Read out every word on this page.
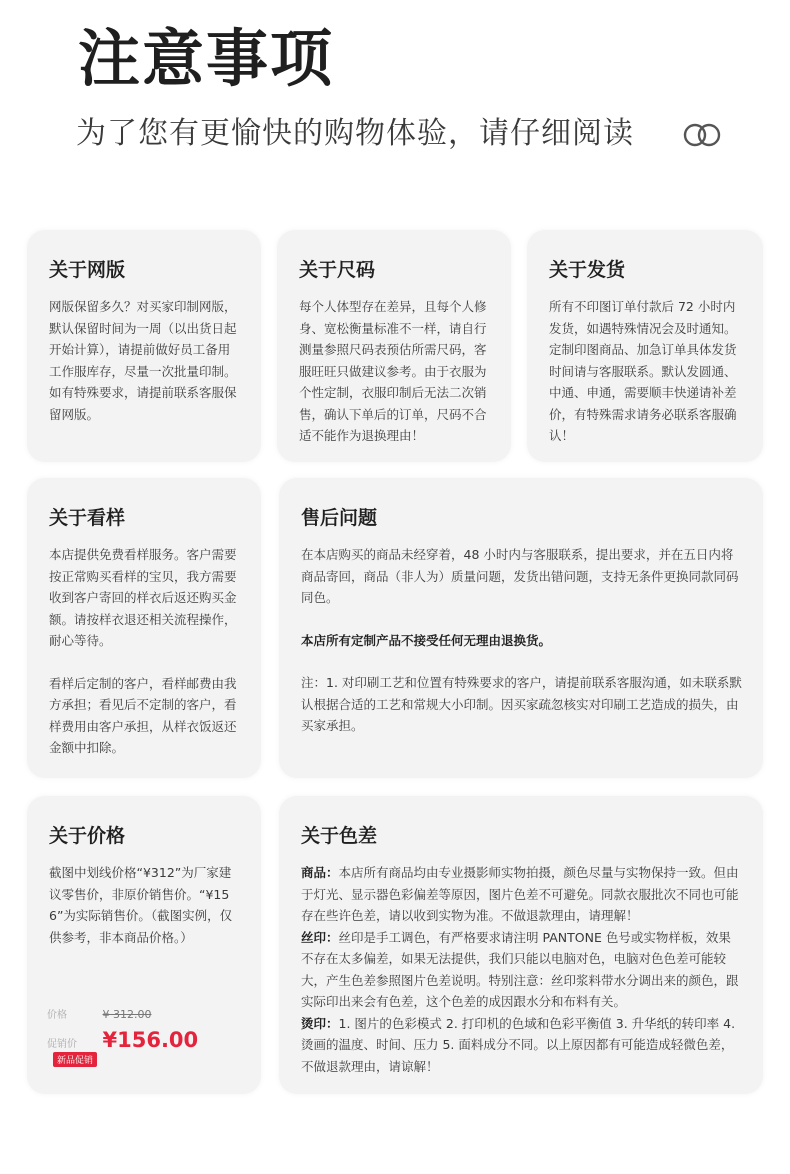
注意事项
为了您有更愉快的购物体验，请仔细阅读
关于网版

网版保留多久？对买家印制网版，默认保留时间为一周（以出货日起开始计算），请提前做好员工备用工作服库存，尽量一次批量印制。如有特殊要求，请提前联系客服保留网版。

关于尺码

每个人体型存在差异，且每个人修身、宽松衡量标准不一样，请自行测量参照尺码表预估所需尺码，客服旺旺只做建议参考。由于衣服为个性定制，衣服印制后无法二次销售，确认下单后的订单，尺码不合适不能作为退换理由！

关于发货

所有不印图订单付款后 72 小时内发货，如遇特殊情况会及时通知。定制印图商品、加急订单具体发货时间请与客服联系。默认发圆通、中通、申通，需要顺丰快递请补差价，有特殊需求请务必联系客服确认！

关于看样

本店提供免费看样服务。客户需要按正常购买看样的宝贝，我方需要收到客户寄回的样衣后返还购买金额。请按样衣退还相关流程操作，耐心等待。

看样后定制的客户，看样邮费由我方承担；看见后不定制的客户，看样费用由客户承担，从样衣饭返还金额中扣除。

售后问题

在本店购买的商品未经穿着，48 小时内与客服联系，提出要求，并在五日内将商品寄回，商品（非人为）质量问题，发货出错问题，支持无条件更换同款同码同色。

本店所有定制产品不接受任何无理由退换货。

注：1. 对印刷工艺和位置有特殊要求的客户，请提前联系客服沟通，如未联系默认根据合适的工艺和常规大小印制。因买家疏忽核实对印刷工艺造成的损失，由买家承担。

关于价格

截图中划线价格“¥312”为厂家建议零售价，非原价销售价。“¥156”为实际销售价。（截图实例，仅供参考，非本商品价格。）

价格	¥ 312.00
促销价 ¥156.00 新品促销
关于色差

商品：本店所有商品均由专业摄影师实物拍摄，颜色尽量与实物保持一致。但由于灯光、显示器色彩偏差等原因，图片色差不可避免。同款衣服批次不同也可能存在些许色差，请以收到实物为准。不做退款理由，请理解！
丝印：丝印是手工调色，有严格要求请注明 PANTONE 色号或实物样板，效果不存在太多偏差，如果无法提供，我们只能以电脑对色，电脑对色色差可能较大，产生色差参照图片色差说明。特别注意：丝印浆料带水分调出来的颜色，跟实际印出来会有色差，这个色差的成因跟水分和布料有关。
烫印：1. 图片的色彩模式 2. 打印机的色域和色彩平衡值 3. 升华纸的转印率 4. 烫画的温度、时间、压力 5. 面料成分不同。以上原因都有可能造成轻微色差，不做退款理由，请谅解！
